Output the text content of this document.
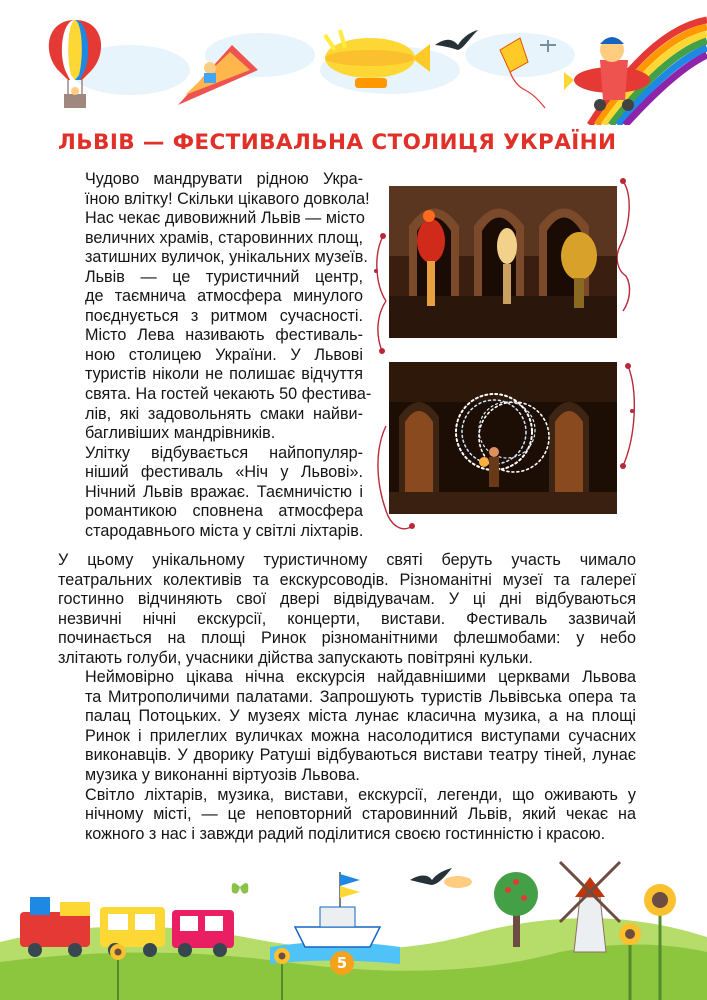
ЛЬВІВ — ФЕСТИВАЛЬНА СТОЛИЦЯ УКРАЇНИ

Чудово мандрувати рідною Укра-
їною влітку! Скільки цікавого довкола!
Нас чекає дивовижний Львів — місто
величних храмів, старовинних площ,
затишних вуличок, унікальних музеїв.

Львів — це туристичний центр,
де таємнича атмосфера минулого
поєднується з ритмом сучасності.
Місто Лева називають фестиваль-
ною столицею України. У Львові
туристів ніколи не полишає відчуття
свята. На гостей чекають 50 фестива-
лів, які задовольнять смаки найви-
багливіших мандрівників.

Улітку відбувається найпопуляр-
ніший фестиваль «Ніч у Львові».
Нічний Львів вражає. Таємничістю і
романтикою сповнена атмосфера
стародавнього міста у світлі ліхтарів.

У цьому унікальному туристичному святі беруть участь чимало
театральних колективів та екскурсоводів. Різноманітні музеї та галереї
гостинно відчиняють свої двері відвідувачам. У ці дні відбуваються
незвичні нічні екскурсії, концерти, вистави. Фестиваль зазвичай
починається на площі Ринок різноманітними флешмобами: у небо
злітають голуби, учасники дійства запускають повітряні кульки.

Неймовірно цікава нічна екскурсія найдавнішими церквами Львова
та Митрополичими палатами. Запрошують туристів Львівська опера та
палац Потоцьких. У музеях міста лунає класична музика, а на площі
Ринок і прилеглих вуличках можна насолодитися виступами сучасних
виконавців. У дворику Ратуші відбуваються вистави театру тіней, лунає
музика у виконанні віртуозів Львова.

Світло ліхтарів, музика, вистави, екскурсії, легенди, що оживають у
нічному місті, — це неповторний старовинний Львів, який чекає на
кожного з нас і завжди радий поділитися своєю гостинністю і красою.

5
